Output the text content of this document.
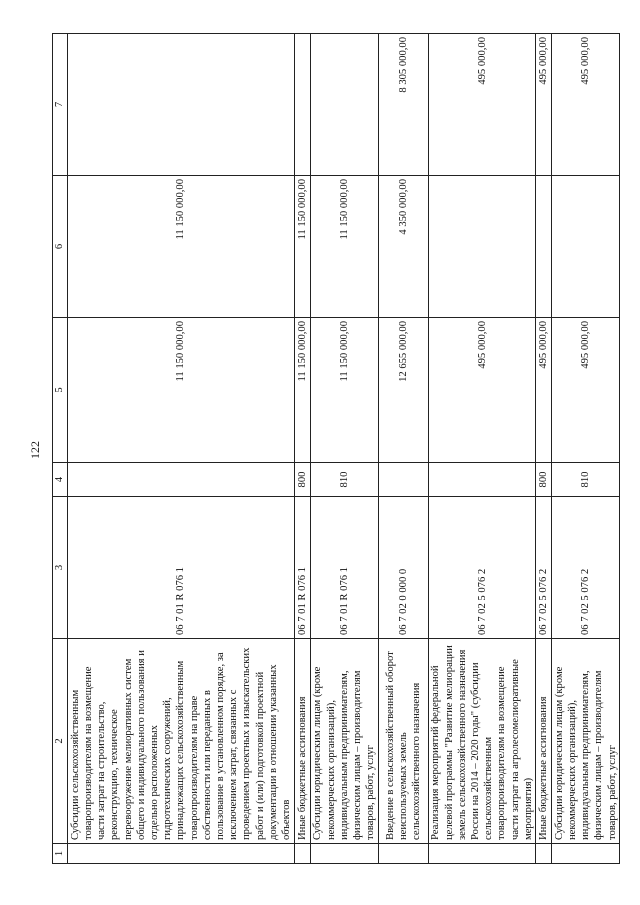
122
1	2	3	4	5	6	7
	Субсидии сельскохозяйственным товаропроизводителям на возмещение части затрат на строительство, реконструкцию, техническое перевооружение мелиоративных систем общего и индивидуального пользования и отдельно расположенных гидротехнических сооружений, принадлежащих сельскохозяйственным товаропроизводителям на праве собственности или переданных в пользование в установленном порядке, за исключением затрат, связанных с проведением проектных и изыскательских работ и (или) подготовкой проектной документации в отношении указанных объектов	06 7 01 R 076 1		11 150 000,00	11 150 000,00	
	Иные бюджетные ассигнования	06 7 01 R 076 1	800	11 150 000,00	11 150 000,00	
	Субсидии юридическим лицам (кроме некоммерческих организаций), индивидуальным предпринимателям, физическим лицам – производителям товаров, работ, услуг	06 7 01 R 076 1	810	11 150 000,00	11 150 000,00	
	Введение в сельскохозяйственный оборот неиспользуемых земель сельскохозяйственного назначения	06 7 02 0 000 0		12 655 000,00	4 350 000,00	8 305 000,00
	Реализация мероприятий федеральной целевой программы "Развитие мелиорации земель сельскохозяйственного назначения России на 2014 – 2020 годы" (субсидии сельскохозяйственным товаропроизводителям на возмещение части затрат на агролесомелиоративные мероприятия)	06 7 02 5 076 2		495 000,00		495 000,00
	Иные бюджетные ассигнования	06 7 02 5 076 2	800	495 000,00		495 000,00
	Субсидии юридическим лицам (кроме некоммерческих организаций), индивидуальным предпринимателям, физическим лицам – производителям товаров, работ, услуг	06 7 02 5 076 2	810	495 000,00		495 000,00
